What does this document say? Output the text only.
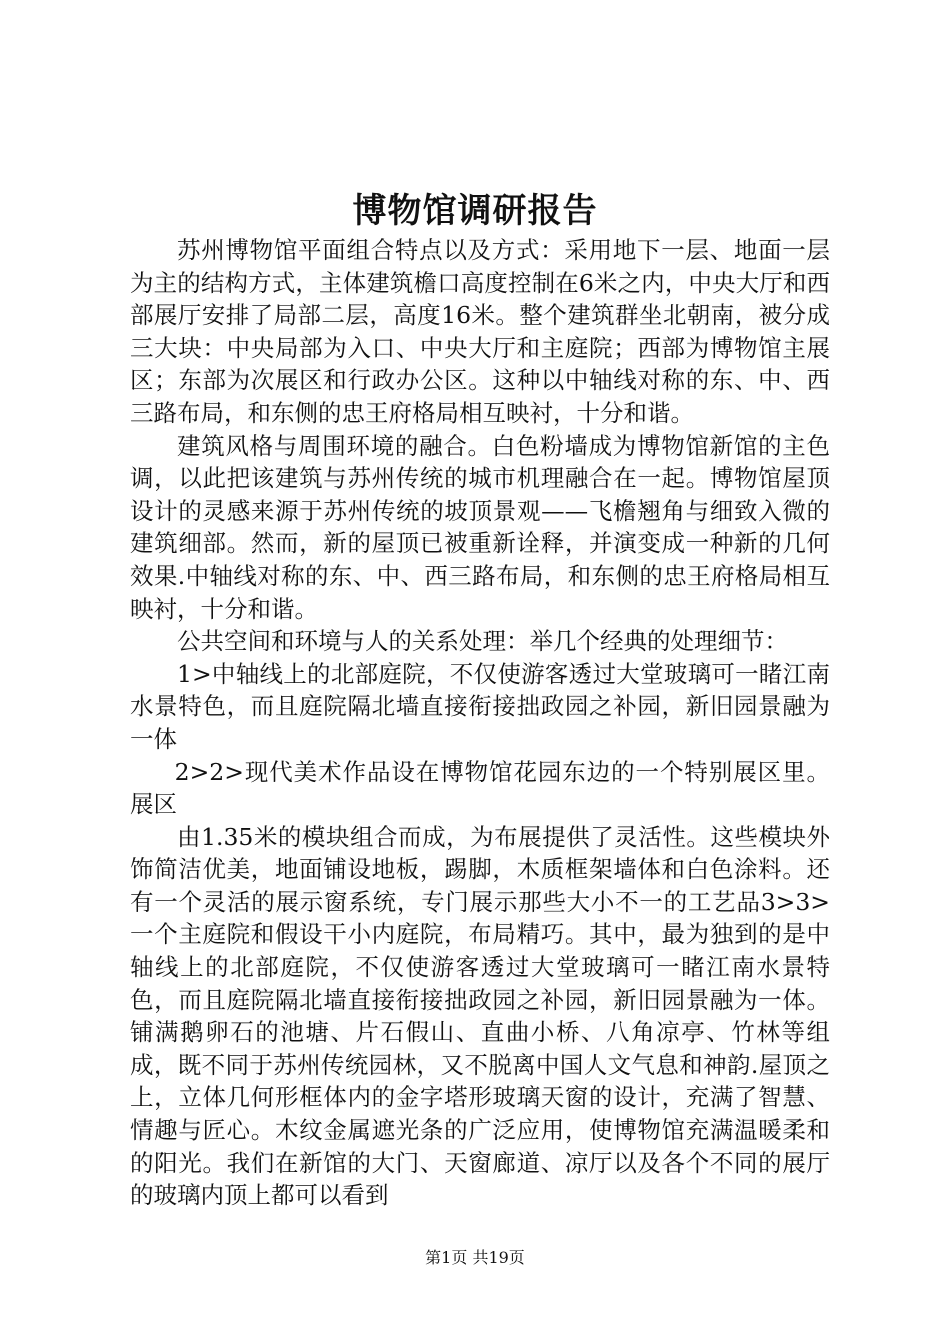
博物馆调研报告

苏州博物馆平面组合特点以及方式：采用地下一层、地面一层为主的结构方式，主体建筑檐口高度控制在6米之内，中央大厅和西部展厅安排了局部二层，高度16米。整个建筑群坐北朝南，被分成三大块：中央局部为入口、中央大厅和主庭院；西部为博物馆主展区；东部为次展区和行政办公区。这种以中轴线对称的东、中、西三路布局，和东侧的忠王府格局相互映衬，十分和谐。

建筑风格与周围环境的融合。白色粉墙成为博物馆新馆的主色调，以此把该建筑与苏州传统的城市机理融合在一起。博物馆屋顶设计的灵感来源于苏州传统的坡顶景观——飞檐翘角与细致入微的建筑细部。然而，新的屋顶已被重新诠释，并演变成一种新的几何效果.中轴线对称的东、中、西三路布局，和东侧的忠王府格局相互映衬，十分和谐。

公共空间和环境与人的关系处理：举几个经典的处理细节：

1>中轴线上的北部庭院，不仅使游客透过大堂玻璃可一睹江南水景特色，而且庭院隔北墙直接衔接拙政园之补园，新旧园景融为一体

2>2>现代美术作品设在博物馆花园东边的一个特别展区里。展区

由1.35米的模块组合而成，为布展提供了灵活性。这些模块外饰简洁优美，地面铺设地板，踢脚，木质框架墙体和白色涂料。还有一个灵活的展示窗系统，专门展示那些大小不一的工艺品3>3>一个主庭院和假设干小内庭院，布局精巧。其中，最为独到的是中轴线上的北部庭院，不仅使游客透过大堂玻璃可一睹江南水景特色，而且庭院隔北墙直接衔接拙政园之补园，新旧园景融为一体。铺满鹅卵石的池塘、片石假山、直曲小桥、八角凉亭、竹林等组成，既不同于苏州传统园林，又不脱离中国人文气息和神韵.屋顶之上，立体几何形框体内的金字塔形玻璃天窗的设计，充满了智慧、情趣与匠心。木纹金属遮光条的广泛应用，使博物馆充满温暖柔和的阳光。我们在新馆的大门、天窗廊道、凉厅以及各个不同的展厅的玻璃内顶上都可以看到

第1页 共19页
